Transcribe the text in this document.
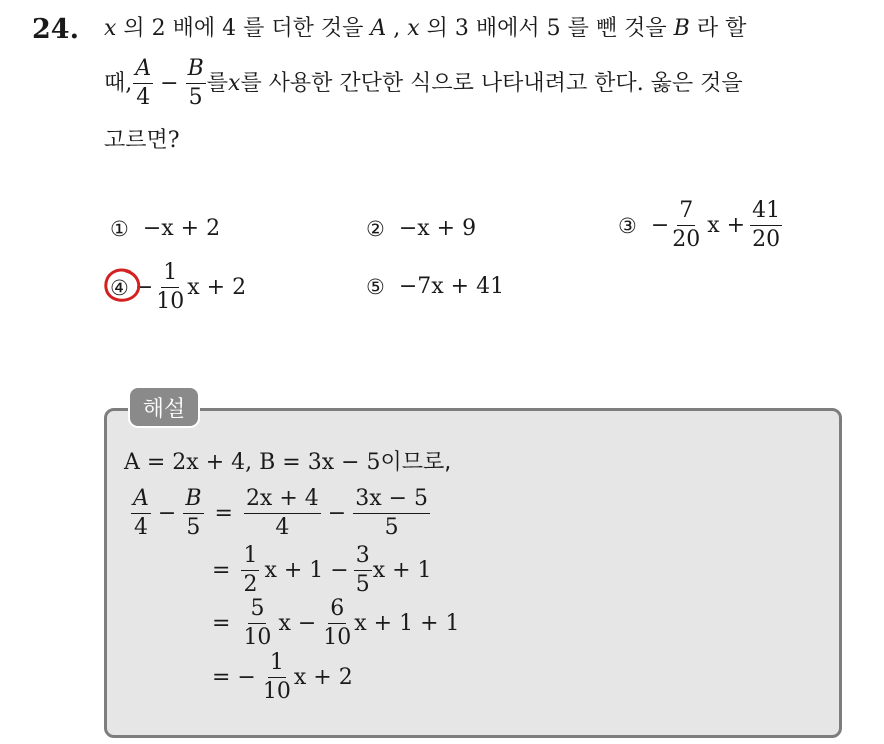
24. x 의 2 배에 4 를 더한 것을 A , x 의 3 배에서 5 를 뺀 것을 B 라 할
때, $\frac{A}{4} - \frac{B}{5}$ 를 x 를 사용한 간단한 식으로 나타내려고 한다. 옳은 것을
고르면?
① −x + 2	② −x + 9	③ − $\frac{7}{20}$ $x + \frac{41}{20}$
④ − $\frac{1}{10}$ x + 2	⑤ −7x + 41
해설
A = 2x + 4, B = 3x − 5 이므로,
$\frac{A}{4} - \frac{B}{5} = \frac{2x + 4}{4} - \frac{3x - 5}{5}$
= $\frac{1}{2}$ $x + 1 - \frac{3}{5}$ x + 1
= $\frac{5}{10}$ $x - \frac{6}{10}$ x + 1 + 1
= − $\frac{1}{10}$ x + 2
